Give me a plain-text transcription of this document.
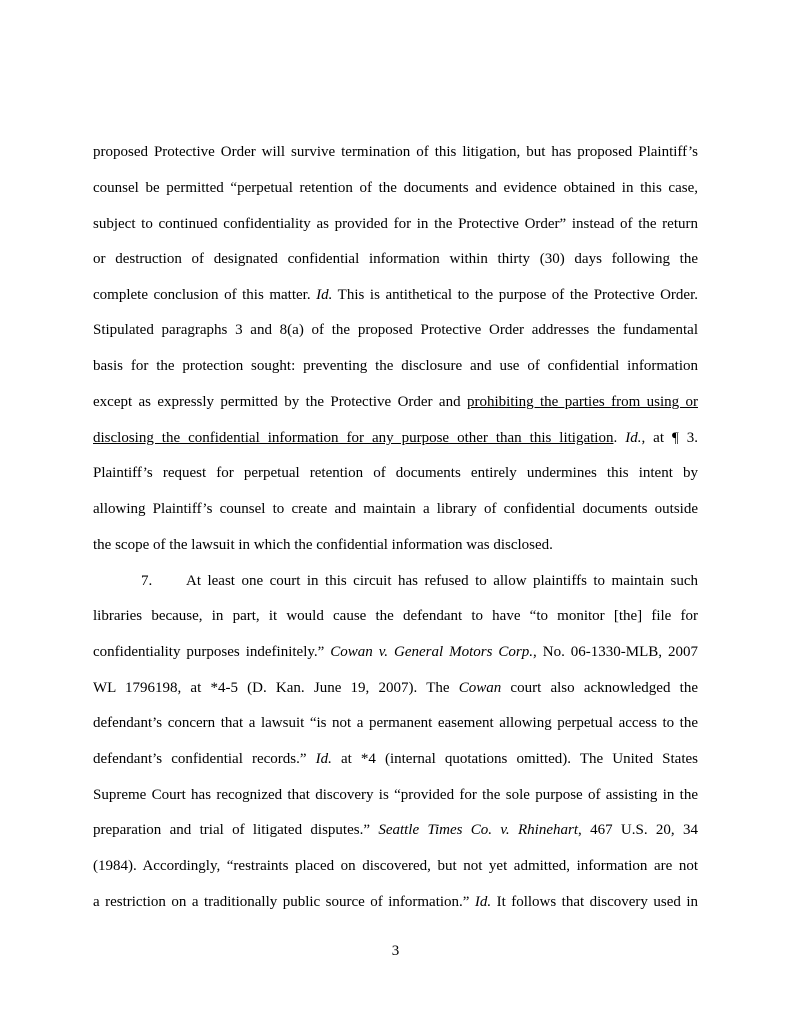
proposed Protective Order will survive termination of this litigation, but has proposed Plaintiff’s
counsel be permitted “perpetual retention of the documents and evidence obtained in this case,
subject to continued confidentiality as provided for in the Protective Order” instead of the return
or destruction of designated confidential information within thirty (30) days following the
complete conclusion of this matter. Id. This is antithetical to the purpose of the Protective Order.
Stipulated paragraphs 3 and 8(a) of the proposed Protective Order addresses the fundamental
basis for the protection sought: preventing the disclosure and use of confidential information
except as expressly permitted by the Protective Order and prohibiting the parties from using or
disclosing the confidential information for any purpose other than this litigation. Id., at ¶ 3.
Plaintiff’s request for perpetual retention of documents entirely undermines this intent by
allowing Plaintiff’s counsel to create and maintain a library of confidential documents outside
the scope of the lawsuit in which the confidential information was disclosed.
7. At least one court in this circuit has refused to allow plaintiffs to maintain such
libraries because, in part, it would cause the defendant to have “to monitor [the] file for
confidentiality purposes indefinitely.” Cowan v. General Motors Corp., No. 06-1330-MLB, 2007
WL 1796198, at *4-5 (D. Kan. June 19, 2007). The Cowan court also acknowledged the
defendant’s concern that a lawsuit “is not a permanent easement allowing perpetual access to the
defendant’s confidential records.” Id. at *4 (internal quotations omitted). The United States
Supreme Court has recognized that discovery is “provided for the sole purpose of assisting in the
preparation and trial of litigated disputes.” Seattle Times Co. v. Rhinehart, 467 U.S. 20, 34
(1984). Accordingly, “restraints placed on discovered, but not yet admitted, information are not
a restriction on a traditionally public source of information.” Id. It follows that discovery used in
3
